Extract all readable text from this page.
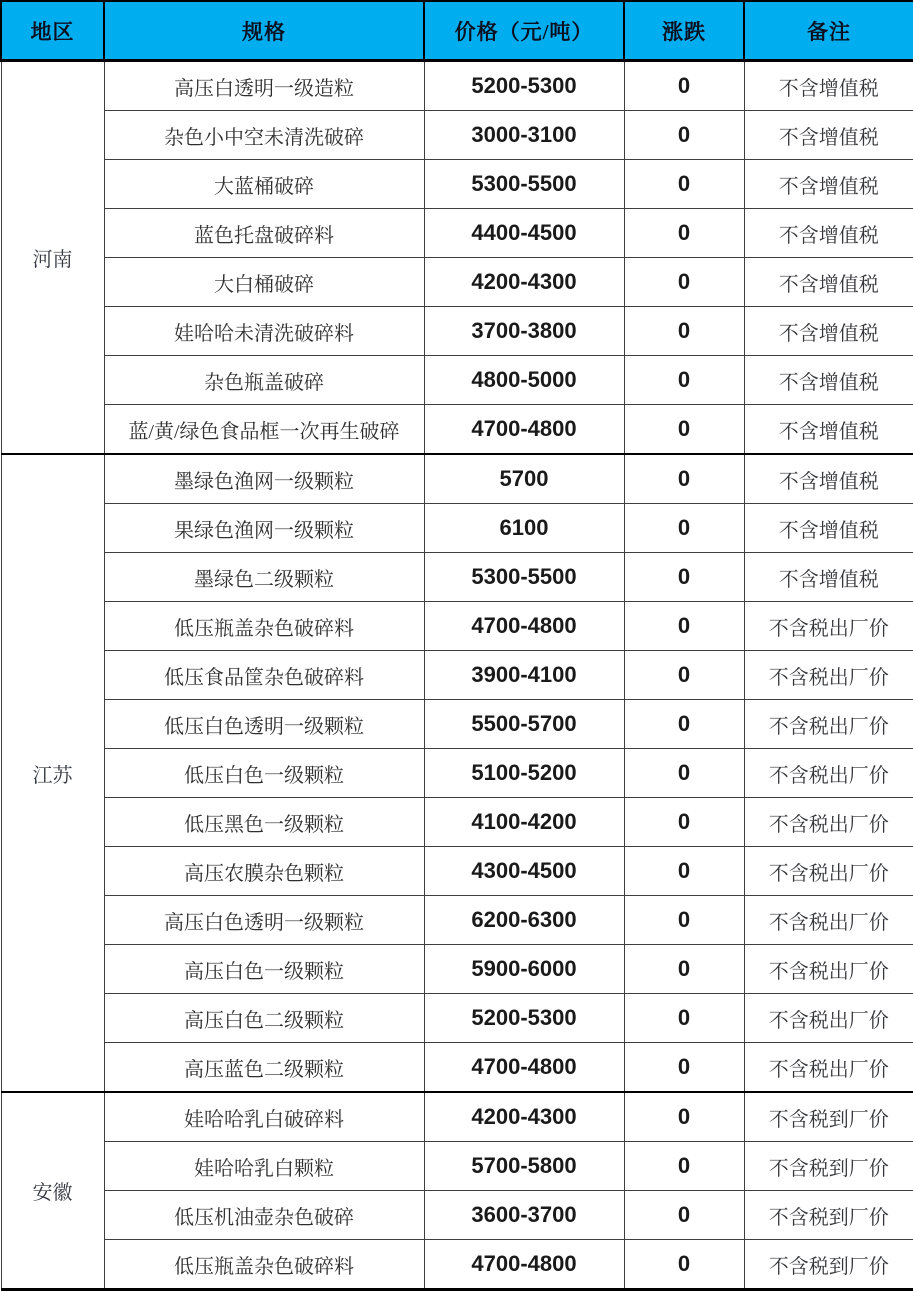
地区	规格	价格（元/吨）	涨跌	备注
河南	高压白透明一级造粒	5200-5300	0	不含增值税
	杂色小中空未清洗破碎	3000-3100	0	不含增值税
	大蓝桶破碎	5300-5500	0	不含增值税
	蓝色托盘破碎料	4400-4500	0	不含增值税
	大白桶破碎	4200-4300	0	不含增值税
	娃哈哈未清洗破碎料	3700-3800	0	不含增值税
	杂色瓶盖破碎	4800-5000	0	不含增值税
	蓝/黄/绿色食品框一次再生破碎	4700-4800	0	不含增值税
江苏	墨绿色渔网一级颗粒	5700	0	不含增值税
	果绿色渔网一级颗粒	6100	0	不含增值税
	墨绿色二级颗粒	5300-5500	0	不含增值税
	低压瓶盖杂色破碎料	4700-4800	0	不含税出厂价
	低压食品筐杂色破碎料	3900-4100	0	不含税出厂价
	低压白色透明一级颗粒	5500-5700	0	不含税出厂价
	低压白色一级颗粒	5100-5200	0	不含税出厂价
	低压黑色一级颗粒	4100-4200	0	不含税出厂价
	高压农膜杂色颗粒	4300-4500	0	不含税出厂价
	高压白色透明一级颗粒	6200-6300	0	不含税出厂价
	高压白色一级颗粒	5900-6000	0	不含税出厂价
	高压白色二级颗粒	5200-5300	0	不含税出厂价
	高压蓝色二级颗粒	4700-4800	0	不含税出厂价
安徽	娃哈哈乳白破碎料	4200-4300	0	不含税到厂价
	娃哈哈乳白颗粒	5700-5800	0	不含税到厂价
	低压机油壶杂色破碎	3600-3700	0	不含税到厂价
	低压瓶盖杂色破碎料	4700-4800	0	不含税到厂价
